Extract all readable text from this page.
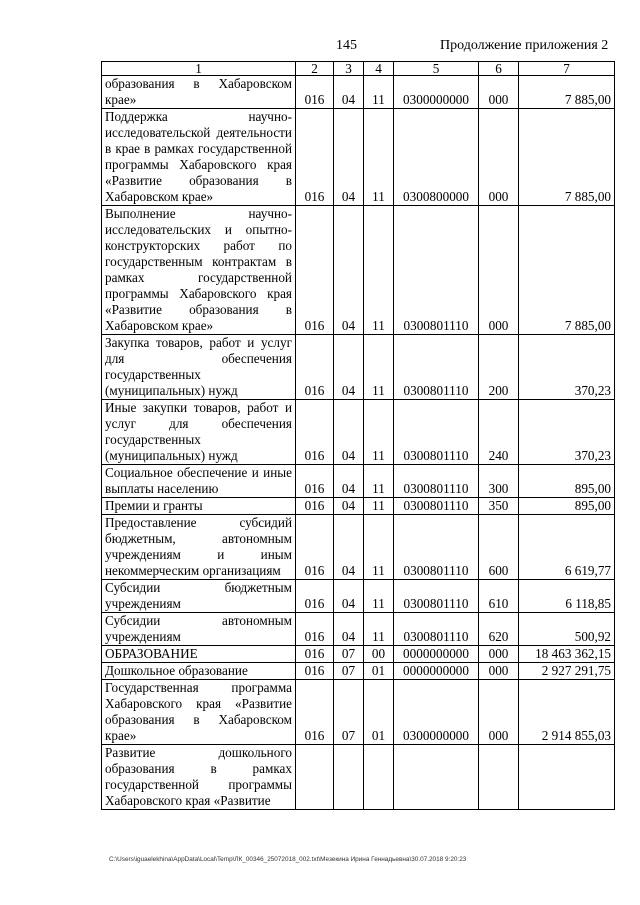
145	Продолжение приложения 2
1	2	3	4	5	6	7
образования в Хабаровском крае»	016	04	11	0300000000	000	7 885,00
Поддержка научно-исследовательской деятельности в крае в рамках государственной программы Хабаровского края «Развитие образования в Хабаровском крае»	016	04	11	0300800000	000	7 885,00
Выполнение научно-исследовательских и опытно-конструкторских работ по государственным контрактам в рамках государственной программы Хабаровского края «Развитие образования в Хабаровском крае»	016	04	11	0300801110	000	7 885,00
Закупка товаров, работ и услуг для обеспечения государственных (муниципальных) нужд	016	04	11	0300801110	200	370,23
Иные закупки товаров, работ и услуг для обеспечения государственных (муниципальных) нужд	016	04	11	0300801110	240	370,23
Социальное обеспечение и иные выплаты населению	016	04	11	0300801110	300	895,00
Премии и гранты	016	04	11	0300801110	350	895,00
Предоставление субсидий бюджетным, автономным учреждениям и иным некоммерческим организациям	016	04	11	0300801110	600	6 619,77
Субсидии бюджетным учреждениям	016	04	11	0300801110	610	6 118,85
Субсидии автономным учреждениям	016	04	11	0300801110	620	500,92
ОБРАЗОВАНИЕ	016	07	00	0000000000	000	18 463 362,15
Дошкольное образование	016	07	01	0000000000	000	2 927 291,75
Государственная программа Хабаровского края «Развитие образования в Хабаровском крае»	016	07	01	0300000000	000	2 914 855,03
Развитие дошкольного образования в рамках государственной программы Хабаровского края «Развитие						
C:\Users\iguaelekhina\AppData\Local\Temp\ЛК_00346_25072018_002.txt\Мезекина Ирина Геннадьевна\30.07.2018 9:20:23
